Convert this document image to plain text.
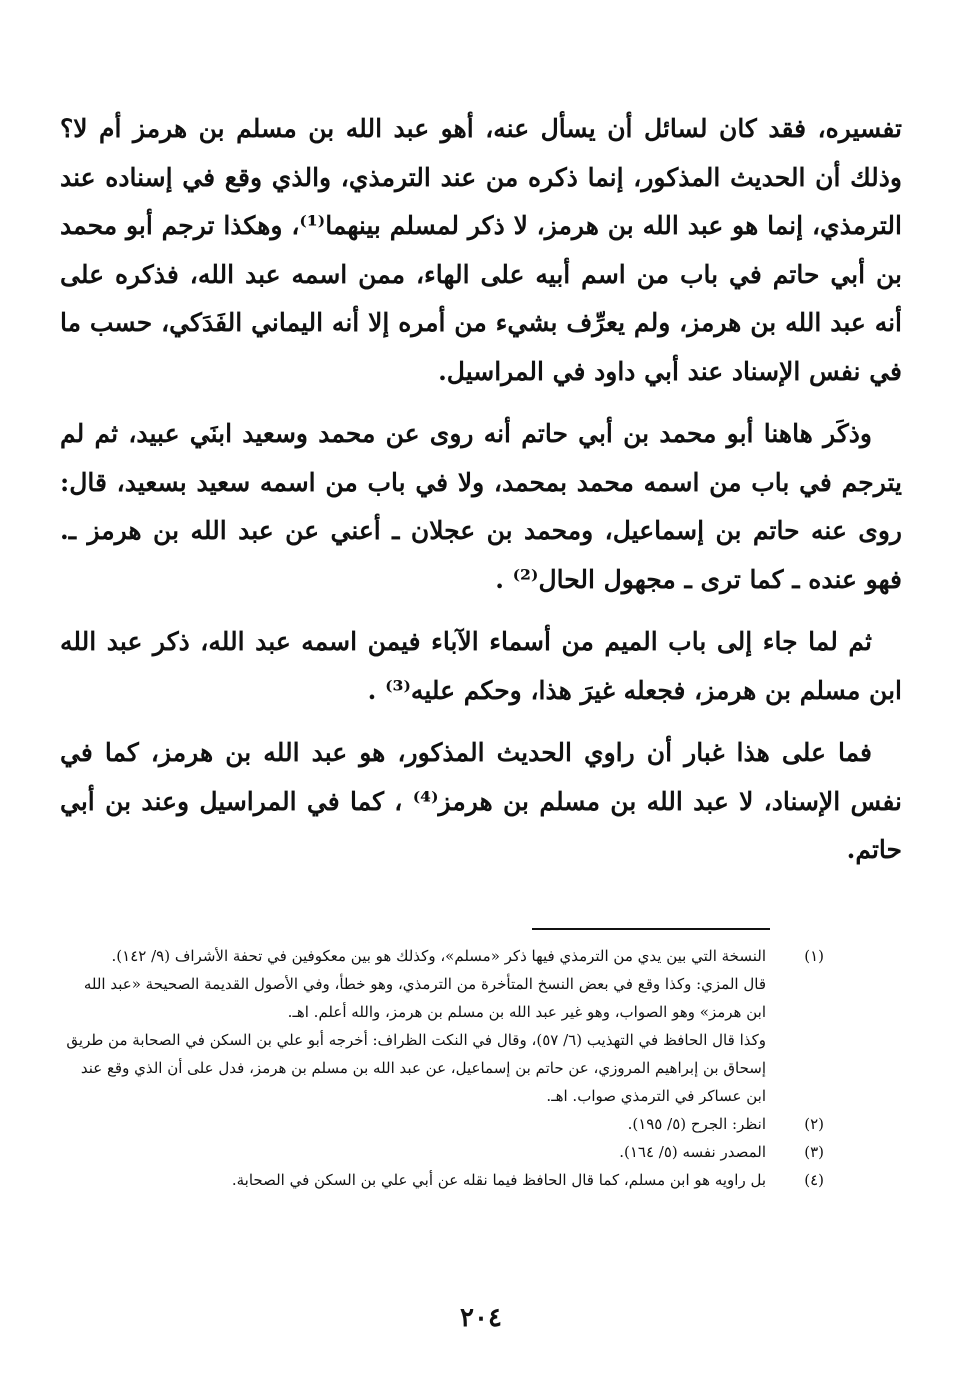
تفسيره، فقد كان لسائل أن يسأل عنه، أهو عبد الله بن مسلم بن هرمز أم لا؟ وذلك أن الحديث المذكور، إنما ذكره من عند الترمذي، والذي وقع في إسناده عند الترمذي، إنما هو عبد الله بن هرمز، لا ذكر لمسلم بينهما⁽¹⁾، وهكذا ترجم أبو محمد بن أبي حاتم في باب من اسم أبيه على الهاء، ممن اسمه عبد الله، فذكره على أنه عبد الله بن هرمز، ولم يعرِّف بشيء من أمره إلا أنه اليماني الفَدَكي، حسب ما في نفس الإسناد عند أبي داود في المراسيل.

وذكَر هاهنا أبو محمد بن أبي حاتم أنه روى عن محمد وسعيد ابنَي عبيد، ثم لم يترجم في باب من اسمه محمد بمحمد، ولا في باب من اسمه سعيد بسعيد، قال: روى عنه حاتم بن إسماعيل، ومحمد بن عجلان ـ أعني عن عبد الله بن هرمز ـ. فهو عنده ـ كما ترى ـ مجهول الحال⁽²⁾ .

ثم لما جاء إلى باب الميم من أسماء الآباء فيمن اسمه عبد الله، ذكر عبد الله ابن مسلم بن هرمز، فجعله غيرَ هذا، وحكم عليه⁽³⁾ .

فما على هذا غبار أن راوي الحديث المذكور، هو عبد الله بن هرمز، كما في نفس الإسناد، لا عبد الله بن مسلم بن هرمز⁽⁴⁾ ، كما في المراسيل وعند بن أبي حاتم.

(١)
النسخة التي بين يدي من الترمذي فيها ذكر «مسلم»، وكذلك هو بين معكوفين في تحفة الأشراف (٩/ ١٤٢).
قال المزي: وكذا وقع في بعض النسخ المتأخرة من الترمذي، وهو خطأ، وفي الأصول القديمة الصحيحة «عبد الله ابن هرمز» وهو الصواب، وهو غير عبد الله بن مسلم بن هرمز، والله أعلم. اهـ.
وكذا قال الحافظ في التهذيب (٦/ ٥٧)، وقال في النكت الظراف: أخرجه أبو علي بن السكن في الصحابة من طريق إسحاق بن إبراهيم المروزي، عن حاتم بن إسماعيل، عن عبد الله بن مسلم بن هرمز، فدل على أن الذي وقع عند ابن عساكر في الترمذي صواب. اهـ.
(٢)
انظر: الجرح (٥/ ١٩٥).
(٣)
المصدر نفسه (٥/ ١٦٤).
(٤)
بل راويه هو ابن مسلم، كما قال الحافظ فيما نقله عن أبي علي بن السكن في الصحابة.
٢٠٤
